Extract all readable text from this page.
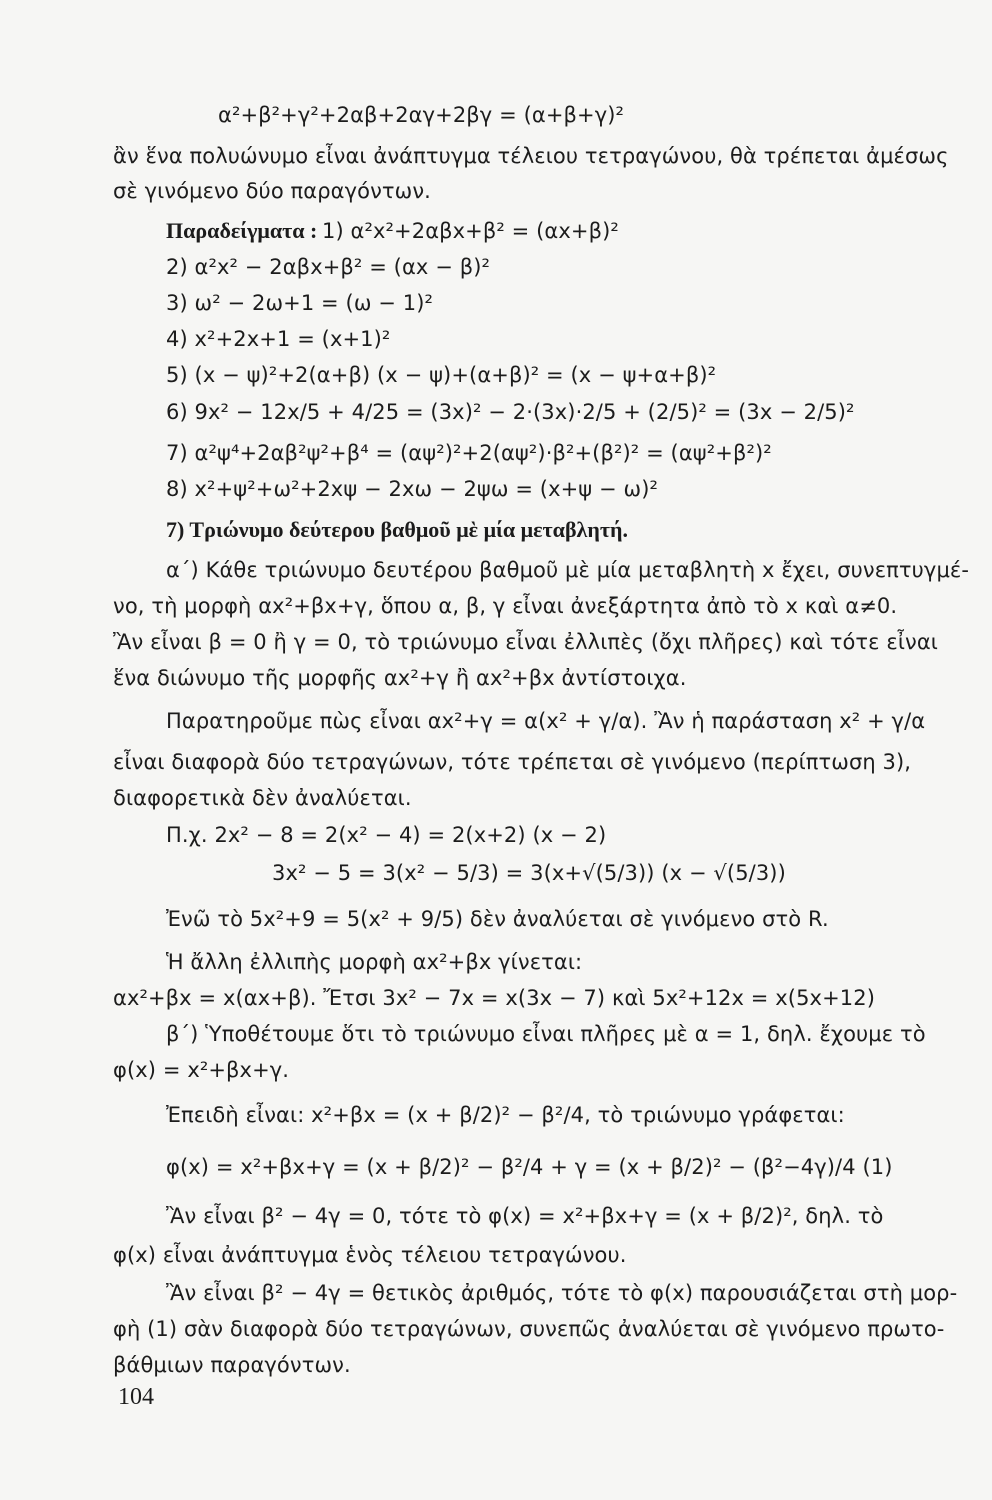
α²+β²+γ²+2αβ+2αγ+2βγ = (α+β+γ)²
ἂν ἕνα πολυώνυμο εἶναι ἀνάπτυγμα τέλειου τετραγώνου, θὰ τρέπεται ἀμέσως
σὲ γινόμενο δύο παραγόντων.
Παραδείγματα : 1) α²x²+2αβx+β² = (αx+β)²
2) α²x² − 2αβx+β² = (αx − β)²
3) ω² − 2ω+1 = (ω − 1)²
4) x²+2x+1 = (x+1)²
5) (x − ψ)²+2(α+β) (x − ψ)+(α+β)² = (x − ψ+α+β)²
6) 9x² − 12x/5 + 4/25 = (3x)² − 2·(3x)·2/5 + (2/5)² = (3x − 2/5)²
7) α²ψ⁴+2αβ²ψ²+β⁴ = (αψ²)²+2(αψ²)·β²+(β²)² = (αψ²+β²)²
8) x²+ψ²+ω²+2xψ − 2xω − 2ψω = (x+ψ − ω)²
7) Τριώνυμο δεύτερου βαθμοῦ μὲ μία μεταβλητή.
α΄) Κάθε τριώνυμο δευτέρου βαθμοῦ μὲ μία μεταβλητὴ x ἔχει, συνεπτυγμέ-
νο, τὴ μορφὴ αx²+βx+γ, ὅπου α, β, γ εἶναι ἀνεξάρτητα ἀπὸ τὸ x καὶ α≠0.
Ἂν εἶναι β = 0 ἢ γ = 0, τὸ τριώνυμο εἶναι ἐλλιπὲς (ὄχι πλῆρες) καὶ τότε εἶναι
ἕνα διώνυμο τῆς μορφῆς αx²+γ ἢ αx²+βx ἀντίστοιχα.
Παρατηροῦμε πὼς εἶναι αx²+γ = α(x² + γ/α). Ἂν ἡ παράσταση x² + γ/α
εἶναι διαφορὰ δύο τετραγώνων, τότε τρέπεται σὲ γινόμενο (περίπτωση 3),
διαφορετικὰ δὲν ἀναλύεται.
Π.χ. 2x² − 8 = 2(x² − 4) = 2(x+2) (x − 2)
3x² − 5 = 3(x² − 5/3) = 3(x+√(5/3)) (x − √(5/3))
Ἐνῶ τὸ 5x²+9 = 5(x² + 9/5) δὲν ἀναλύεται σὲ γινόμενο στὸ R.
Ἡ ἄλλη ἐλλιπὴς μορφὴ αx²+βx γίνεται:
αx²+βx = x(αx+β). Ἔτσι 3x² − 7x = x(3x − 7) καὶ 5x²+12x = x(5x+12)
β΄) Ὑποθέτουμε ὅτι τὸ τριώνυμο εἶναι πλῆρες μὲ α = 1, δηλ. ἔχουμε τὸ
φ(x) = x²+βx+γ.
Ἐπειδὴ εἶναι: x²+βx = (x + β/2)² − β²/4, τὸ τριώνυμο γράφεται:
φ(x) = x²+βx+γ = (x + β/2)² − β²/4 + γ = (x + β/2)² − (β²−4γ)/4 (1)
Ἂν εἶναι β² − 4γ = 0, τότε τὸ φ(x) = x²+βx+γ = (x + β/2)², δηλ. τὸ
φ(x) εἶναι ἀνάπτυγμα ἑνὸς τέλειου τετραγώνου.
Ἂν εἶναι β² − 4γ = θετικὸς ἀριθμός, τότε τὸ φ(x) παρουσιάζεται στὴ μορ-
φὴ (1) σὰν διαφορὰ δύο τετραγώνων, συνεπῶς ἀναλύεται σὲ γινόμενο πρωτο-
βάθμιων παραγόντων.
104
